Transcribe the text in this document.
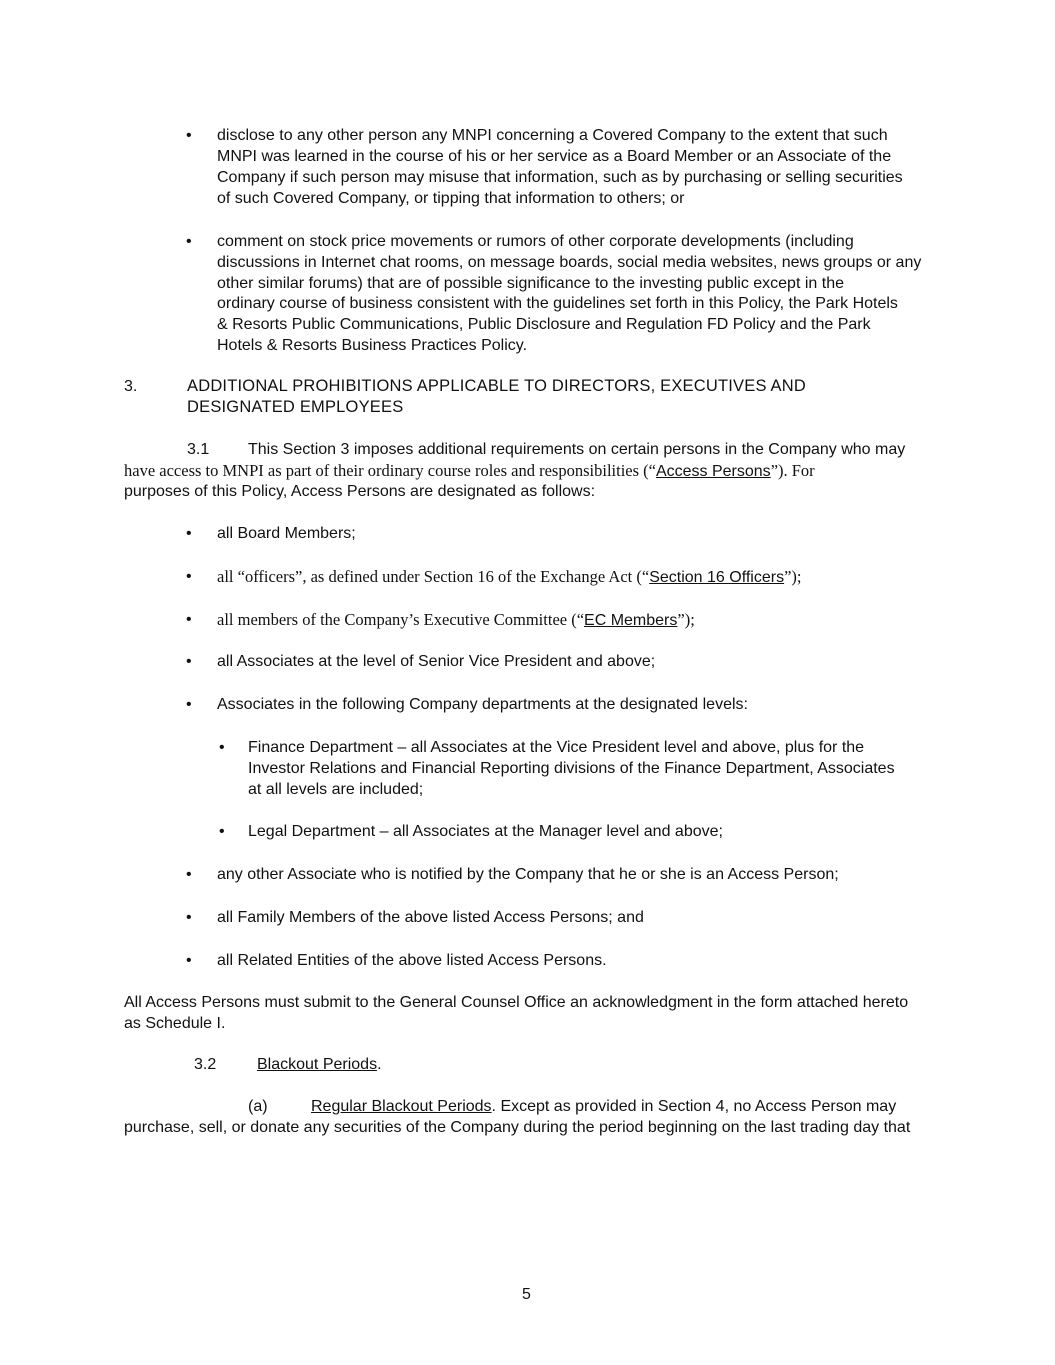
•

disclose to any other person any MNPI concerning a Covered Company to the extent that such

MNPI was learned in the course of his or her service as a Board Member or an Associate of the

Company if such person may misuse that information, such as by purchasing or selling securities

of such Covered Company, or tipping that information to others; or

•

comment on stock price movements or rumors of other corporate developments (including

discussions in Internet chat rooms, on message boards, social media websites, news groups or any

other similar forums) that are of possible significance to the investing public except in the

ordinary course of business consistent with the guidelines set forth in this Policy, the Park Hotels

& Resorts Public Communications, Public Disclosure and Regulation FD Policy and the Park

Hotels & Resorts Business Practices Policy.

3.	ADDITIONAL PROHIBITIONS APPLICABLE TO DIRECTORS, EXECUTIVES AND

DESIGNATED EMPLOYEES

3.1 This Section 3 imposes additional requirements on certain persons in the Company who may

have access to MNPI as part of their ordinary course roles and responsibilities (“Access Persons”). For

purposes of this Policy, Access Persons are designated as follows:

•

all Board Members;

•

all “officers”, as defined under Section 16 of the Exchange Act (“Section 16 Officers”);

•

all members of the Company’s Executive Committee (“EC Members”);

•

all Associates at the level of Senior Vice President and above;

•

Associates in the following Company departments at the designated levels:

•

Finance Department – all Associates at the Vice President level and above, plus for the

Investor Relations and Financial Reporting divisions of the Finance Department, Associates

at all levels are included;

•

Legal Department – all Associates at the Manager level and above;

•

any other Associate who is notified by the Company that he or she is an Access Person;

•

all Family Members of the above listed Access Persons; and

•

all Related Entities of the above listed Access Persons.

All Access Persons must submit to the General Counsel Office an acknowledgment in the form attached hereto

as Schedule I.

3.2	Blackout Periods.

(a)	Regular Blackout Periods. Except as provided in Section 4, no Access Person may

purchase, sell, or donate any securities of the Company during the period beginning on the last trading day that

5
